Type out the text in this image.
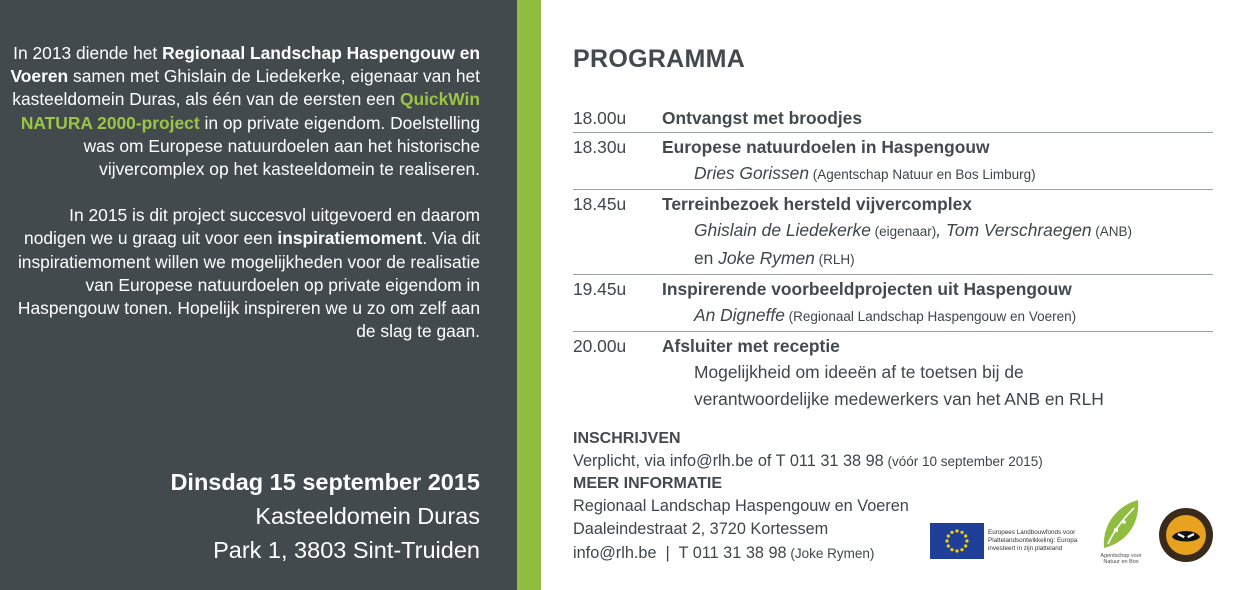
In 2013 diende het Regionaal Landschap Haspengouw en Voeren samen met Ghislain de Liedekerke, eigenaar van het kasteeldomein Duras, als één van de eersten een QuickWin NATURA 2000-project in op private eigendom. Doelstelling was om Europese natuurdoelen aan het historische vijvercomplex op het kasteeldomein te realiseren.

In 2015 is dit project succesvol uitgevoerd en daarom nodigen we u graag uit voor een inspiratiemoment. Via dit inspiratiemoment willen we mogelijkheden voor de realisatie van Europese natuurdoelen op private eigendom in Haspengouw tonen. Hopelijk inspireren we u zo om zelf aan de slag te gaan.

Dinsdag 15 september 2015
Kasteeldomein Duras
Park 1, 3803 Sint-Truiden
PROGRAMMA
18.00u	Ontvangst met broodjes
18.30u	Europese natuurdoelen in Haspengouw
Dries Gorissen (Agentschap Natuur en Bos Limburg)
18.45u	Terreinbezoek hersteld vijvercomplex
Ghislain de Liedekerke (eigenaar), Tom Verschraegen (ANB)
en Joke Rymen (RLH)
19.45u	Inspirerende voorbeeldprojecten uit Haspengouw
An Digneffe (Regionaal Landschap Haspengouw en Voeren)
20.00u	Afsluiter met receptie
Mogelijkheid om ideeën af te toetsen bij de
verantwoordelijke medewerkers van het ANB en RLH
INSCHRIJVEN
Verplicht, via info@rlh.be of T 011 31 38 98 (vóór 10 september 2015)
MEER INFORMATIE
Regionaal Landschap Haspengouw en Voeren
Daaleindestraat 2, 3720 Kortessem
info@rlh.be  |  T 011 31 38 98 (Joke Rymen)
Europees Landbouwfonds voor Plattelandsontwikkeling: Europa investeert in zijn platteland
Agentschap voor Natuur en Bos
